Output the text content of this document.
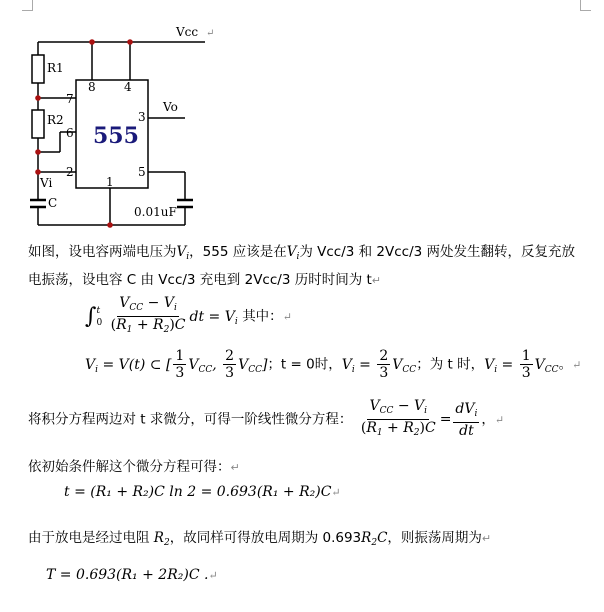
Vcc ↵
Vo
Vi
C
R1
R2
0.01uF
8 4
7
3
6
2
1
5
555
如图，设电容两端电压为$V_i$，555 应该是在$V_i$为 Vcc/3 和 2Vcc/3 两处发生翻转，反复充放
电振荡，设电容 C 由 Vcc/3 充电到 2Vcc/3 历时时间为 t↵
∫t
$0 \frac{V_{CC} - V_i}{(R_1 + R_2)C}$ dt = $V_i$ 其中：↵
$V_i = V(t)$ ⊂ [ $\frac{1}{3} V_{CC}$, $\frac{2}{3} V_{CC}$]；t = 0时，$V_i = \frac{2}{3} V_{CC}$；为 t 时，$V_i = \frac{1}{3} V_{CC}$。↵
将积分方程两边对 t 求微分，可得一阶线性微分方程： $\frac{V_{CC} - V_i}{(R_1 + R_2)C} = \frac{dV_i}{dt}$ ，↵
依初始条件解这个微分方程可得：↵
t = (R₁ + R₂)C ln 2 = 0.693(R₁ + R₂)C↵
由于放电是经过电阻 $R_2$，故同样可得放电周期为 $0.693R_2C$，则振荡周期为↵
T = 0.693(R₁ + 2R₂)C .↵
